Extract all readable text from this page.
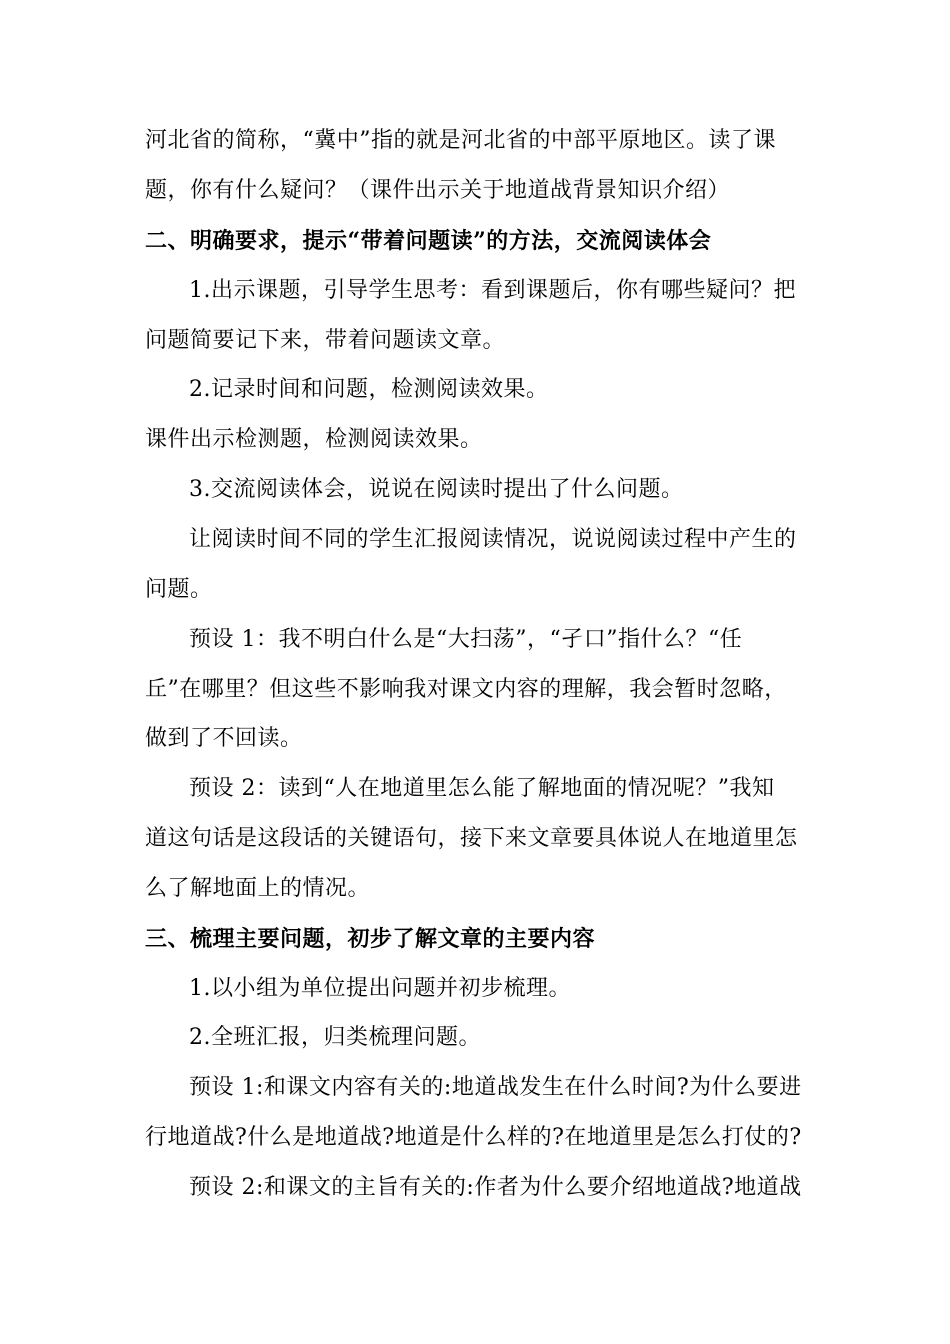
河北省的简称，“冀中”指的就是河北省的中部平原地区。读了课
题，你有什么疑问？（课件出示关于地道战背景知识介绍）
二、明确要求，提示“带着问题读”的方法，交流阅读体会
1.出示课题，引导学生思考：看到课题后，你有哪些疑问？把
问题简要记下来，带着问题读文章。
2.记录时间和问题，检测阅读效果。
课件出示检测题，检测阅读效果。
3.交流阅读体会，说说在阅读时提出了什么问题。
让阅读时间不同的学生汇报阅读情况，说说阅读过程中产生的
问题。
预设 1：我不明白什么是“大扫荡”，“孑口”指什么？“任
丘”在哪里？但这些不影响我对课文内容的理解，我会暂时忽略，
做到了不回读。
预设 2：读到“人在地道里怎么能了解地面的情况呢？”我知
道这句话是这段话的关键语句，接下来文章要具体说人在地道里怎
么了解地面上的情况。
三、梳理主要问题，初步了解文章的主要内容
1.以小组为单位提出问题并初步梳理。
2.全班汇报，归类梳理问题。
预设 1:和课文内容有关的:地道战发生在什么时间?为什么要进
行地道战?什么是地道战?地道是什么样的?在地道里是怎么打仗的?
预设 2:和课文的主旨有关的:作者为什么要介绍地道战?地道战
